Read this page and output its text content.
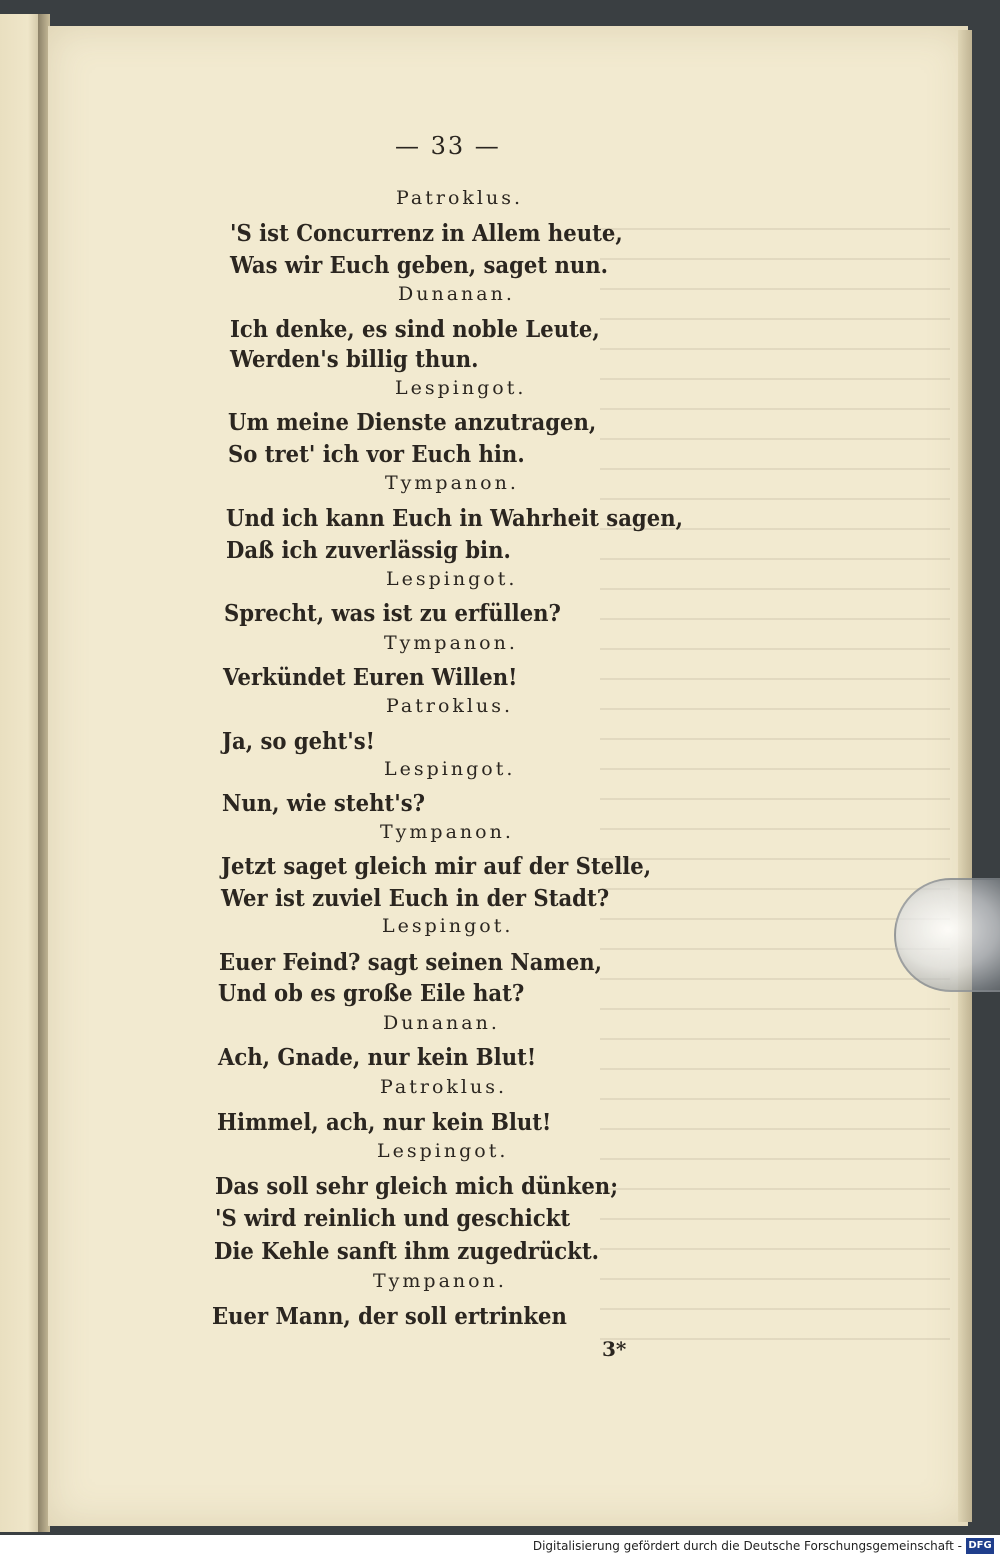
— 33 —
Patroklus.
'S ist Concurrenz in Allem heute,
Was wir Euch geben, saget nun.
Dunanan.
Ich denke, es sind noble Leute,
Werden's billig thun.
Lespingot.
Um meine Dienste anzutragen,
So tret' ich vor Euch hin.
Tympanon.
Und ich kann Euch in Wahrheit sagen,
Daß ich zuverlässig bin.
Lespingot.
Sprecht, was ist zu erfüllen?
Tympanon.
Verkündet Euren Willen!
Patroklus.
Ja, so geht's!
Lespingot.
Nun, wie steht's?
Tympanon.
Jetzt saget gleich mir auf der Stelle,
Wer ist zuviel Euch in der Stadt?
Lespingot.
Euer Feind? sagt seinen Namen,
Und ob es große Eile hat?
Dunanan.
Ach, Gnade, nur kein Blut!
Patroklus.
Himmel, ach, nur kein Blut!
Lespingot.
Das soll sehr gleich mich dünken;
'S wird reinlich und geschickt
Die Kehle sanft ihm zugedrückt.
Tympanon.
Euer Mann, der soll ertrinken
3*
Digitalisierung gefördert durch die Deutsche Forschungsgemeinschaft - DFG
